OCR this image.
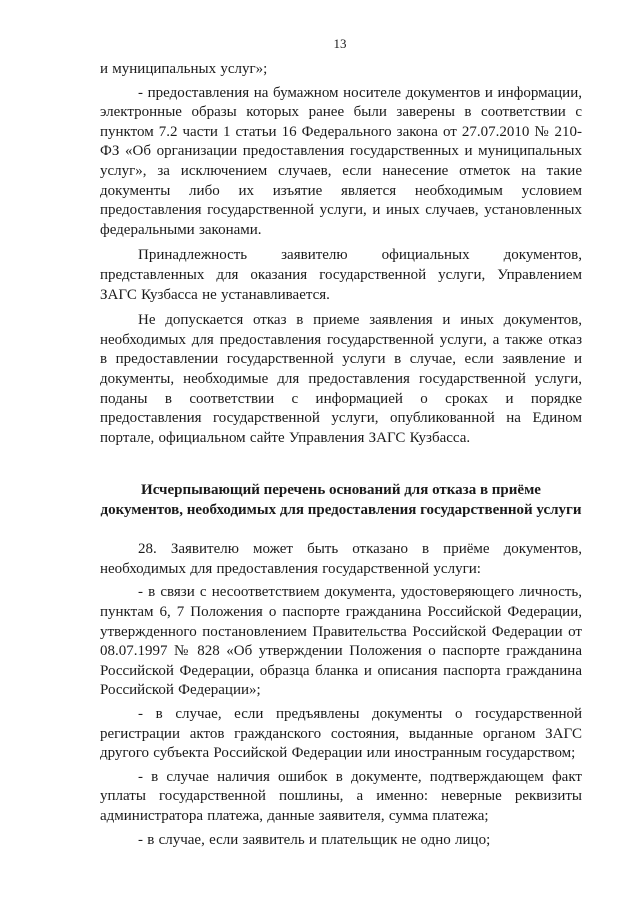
13

и муниципальных услуг»;

- предоставления на бумажном носителе документов и информации, электронные образы которых ранее были заверены в соответствии с пунктом 7.2 части 1 статьи 16 Федерального закона от 27.07.2010 № 210-ФЗ «Об организации предоставления государственных и муниципальных услуг», за исключением случаев, если нанесение отметок на такие документы либо их изъятие является необходимым условием предоставления государственной услуги, и иных случаев, установленных федеральными законами.

Принадлежность заявителю официальных документов, представленных для оказания государственной услуги, Управлением ЗАГС Кузбасса не устанавливается.

Не допускается отказ в приеме заявления и иных документов, необходимых для предоставления государственной услуги, а также отказ в предоставлении государственной услуги в случае, если заявление и документы, необходимые для предоставления государственной услуги, поданы в соответствии с информацией о сроках и порядке предоставления государственной услуги, опубликованной на Едином портале, официальном сайте Управления ЗАГС Кузбасса.

Исчерпывающий перечень оснований для отказа в приёме документов, необходимых для предоставления государственной услуги

28. Заявителю может быть отказано в приёме документов, необходимых для предоставления государственной услуги:

- в связи с несоответствием документа, удостоверяющего личность, пунктам 6, 7 Положения о паспорте гражданина Российской Федерации, утвержденного постановлением Правительства Российской Федерации от 08.07.1997 № 828 «Об утверждении Положения о паспорте гражданина Российской Федерации, образца бланка и описания паспорта гражданина Российской Федерации»;

- в случае, если предъявлены документы о государственной регистрации актов гражданского состояния, выданные органом ЗАГС другого субъекта Российской Федерации или иностранным государством;

- в случае наличия ошибок в документе, подтверждающем факт уплаты государственной пошлины, а именно: неверные реквизиты администратора платежа, данные заявителя, сумма платежа;

- в случае, если заявитель и плательщик не одно лицо;
